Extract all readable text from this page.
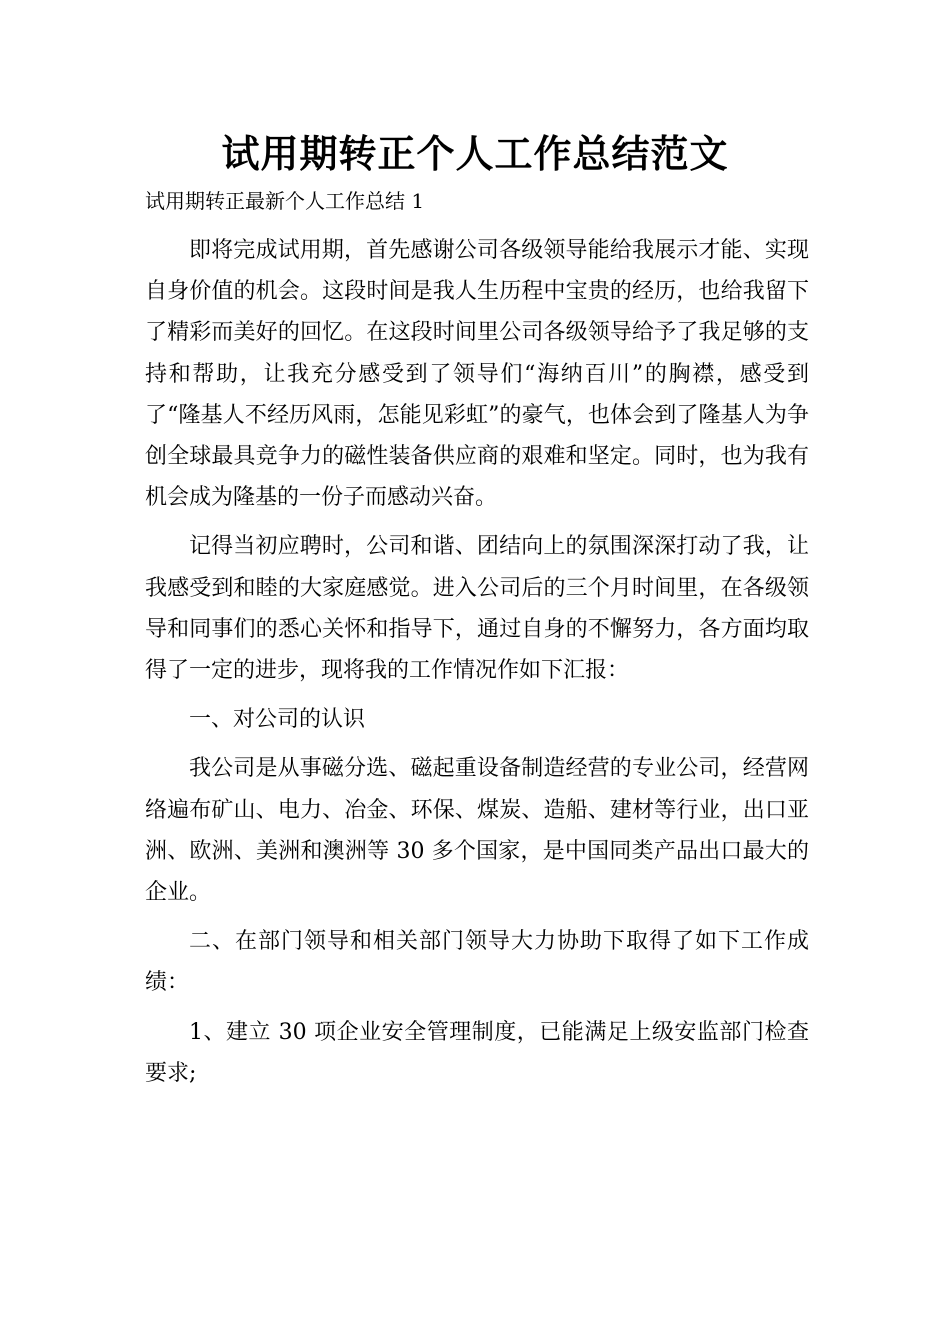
试用期转正个人工作总结范文
试用期转正最新个人工作总结 1

即将完成试用期，首先感谢公司各级领导能给我展示才能、实现自身价值的机会。这段时间是我人生历程中宝贵的经历，也给我留下了精彩而美好的回忆。在这段时间里公司各级领导给予了我足够的支持和帮助，让我充分感受到了领导们“海纳百川”的胸襟，感受到了“隆基人不经历风雨，怎能见彩虹”的豪气，也体会到了隆基人为争创全球最具竞争力的磁性装备供应商的艰难和坚定。同时，也为我有机会成为隆基的一份子而感动兴奋。

记得当初应聘时，公司和谐、团结向上的氛围深深打动了我，让我感受到和睦的大家庭感觉。进入公司后的三个月时间里，在各级领导和同事们的悉心关怀和指导下，通过自身的不懈努力，各方面均取得了一定的进步，现将我的工作情况作如下汇报：

一、对公司的认识

我公司是从事磁分选、磁起重设备制造经营的专业公司，经营网络遍布矿山、电力、冶金、环保、煤炭、造船、建材等行业，出口亚洲、欧洲、美洲和澳洲等 30 多个国家，是中国同类产品出口最大的企业。

二、在部门领导和相关部门领导大力协助下取得了如下工作成绩：

1、建立 30 项企业安全管理制度，已能满足上级安监部门检查要求;
